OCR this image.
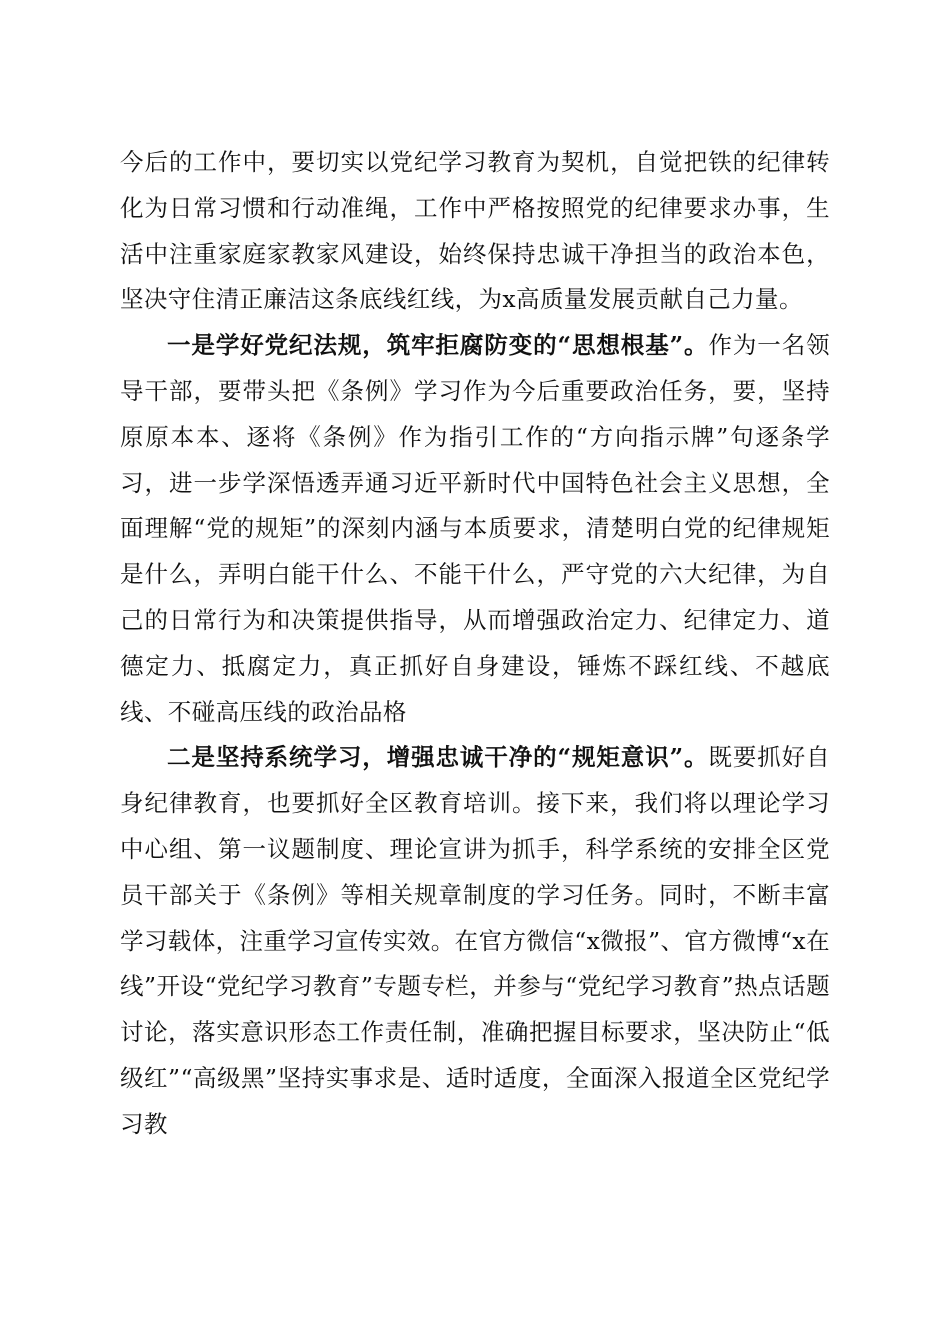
今后的工作中，要切实以党纪学习教育为契机，自觉把铁的纪律转化为日常习惯和行动准绳，工作中严格按照党的纪律要求办事，生活中注重家庭家教家风建设，始终保持忠诚干净担当的政治本色，坚决守住清正廉洁这条底线红线，为x高质量发展贡献自己力量。

一是学好党纪法规，筑牢拒腐防变的“思想根基”。作为一名领导干部，要带头把《条例》学习作为今后重要政治任务，要，坚持原原本本、逐将《条例》作为指引工作的“方向指示牌”句逐条学习，进一步学深悟透弄通习近平新时代中国特色社会主义思想，全面理解“党的规矩”的深刻内涵与本质要求，清楚明白党的纪律规矩是什么，弄明白能干什么、不能干什么，严守党的六大纪律，为自己的日常行为和决策提供指导，从而增强政治定力、纪律定力、道德定力、抵腐定力，真正抓好自身建设，锤炼不踩红线、不越底线、不碰高压线的政治品格

二是坚持系统学习，增强忠诚干净的“规矩意识”。既要抓好自身纪律教育，也要抓好全区教育培训。接下来，我们将以理论学习中心组、第一议题制度、理论宣讲为抓手，科学系统的安排全区党员干部关于《条例》等相关规章制度的学习任务。同时，不断丰富学习载体，注重学习宣传实效。在官方微信“x微报”、官方微博“x在线”开设“党纪学习教育”专题专栏，并参与“党纪学习教育”热点话题讨论，落实意识形态工作责任制，准确把握目标要求，坚决防止“低级红”“高级黑”坚持实事求是、适时适度，全面深入报道全区党纪学习教
